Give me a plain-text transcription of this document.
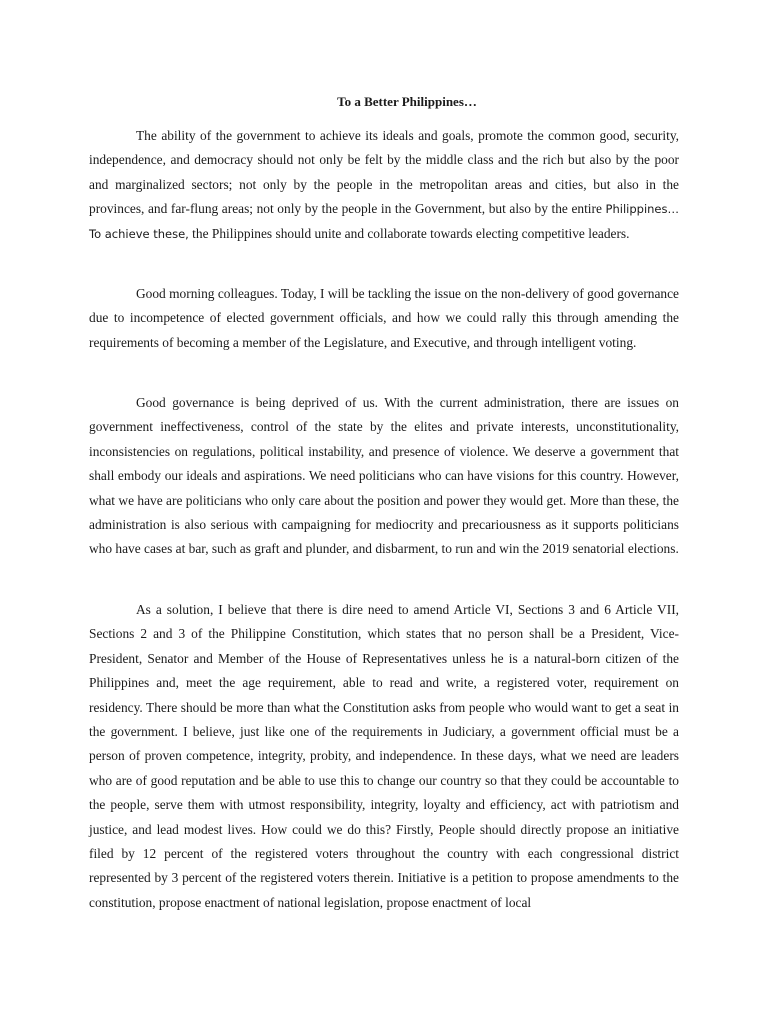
To a Better Philippines…

The ability of the government to achieve its ideals and goals, promote the common good, security, independence, and democracy should not only be felt by the middle class and the rich but also by the poor and marginalized sectors; not only by the people in the metropolitan areas and cities, but also in the provinces, and far-flung areas; not only by the people in the Government, but also by the entire Philippines… To achieve these, the Philippines should unite and collaborate towards electing competitive leaders.

Good morning colleagues. Today, I will be tackling the issue on the non-delivery of good governance due to incompetence of elected government officials, and how we could rally this through amending the requirements of becoming a member of the Legislature, and Executive, and through intelligent voting.

Good governance is being deprived of us. With the current administration, there are issues on government ineffectiveness, control of the state by the elites and private interests, unconstitutionality, inconsistencies on regulations, political instability, and presence of violence. We deserve a government that shall embody our ideals and aspirations. We need politicians who can have visions for this country. However, what we have are politicians who only care about the position and power they would get. More than these, the administration is also serious with campaigning for mediocrity and precariousness as it supports politicians who have cases at bar, such as graft and plunder, and disbarment, to run and win the 2019 senatorial elections.

As a solution, I believe that there is dire need to amend Article VI, Sections 3 and 6 Article VII, Sections 2 and 3 of the Philippine Constitution, which states that no person shall be a President, Vice-President, Senator and Member of the House of Representatives unless he is a natural-born citizen of the Philippines and, meet the age requirement, able to read and write, a registered voter, requirement on residency. There should be more than what the Constitution asks from people who would want to get a seat in the government. I believe, just like one of the requirements in Judiciary, a government official must be a person of proven competence, integrity, probity, and independence. In these days, what we need are leaders who are of good reputation and be able to use this to change our country so that they could be accountable to the people, serve them with utmost responsibility, integrity, loyalty and efficiency, act with patriotism and justice, and lead modest lives. How could we do this? Firstly, People should directly propose an initiative filed by 12 percent of the registered voters throughout the country with each congressional district represented by 3 percent of the registered voters therein. Initiative is a petition to propose amendments to the constitution, propose enactment of national legislation, propose enactment of local
